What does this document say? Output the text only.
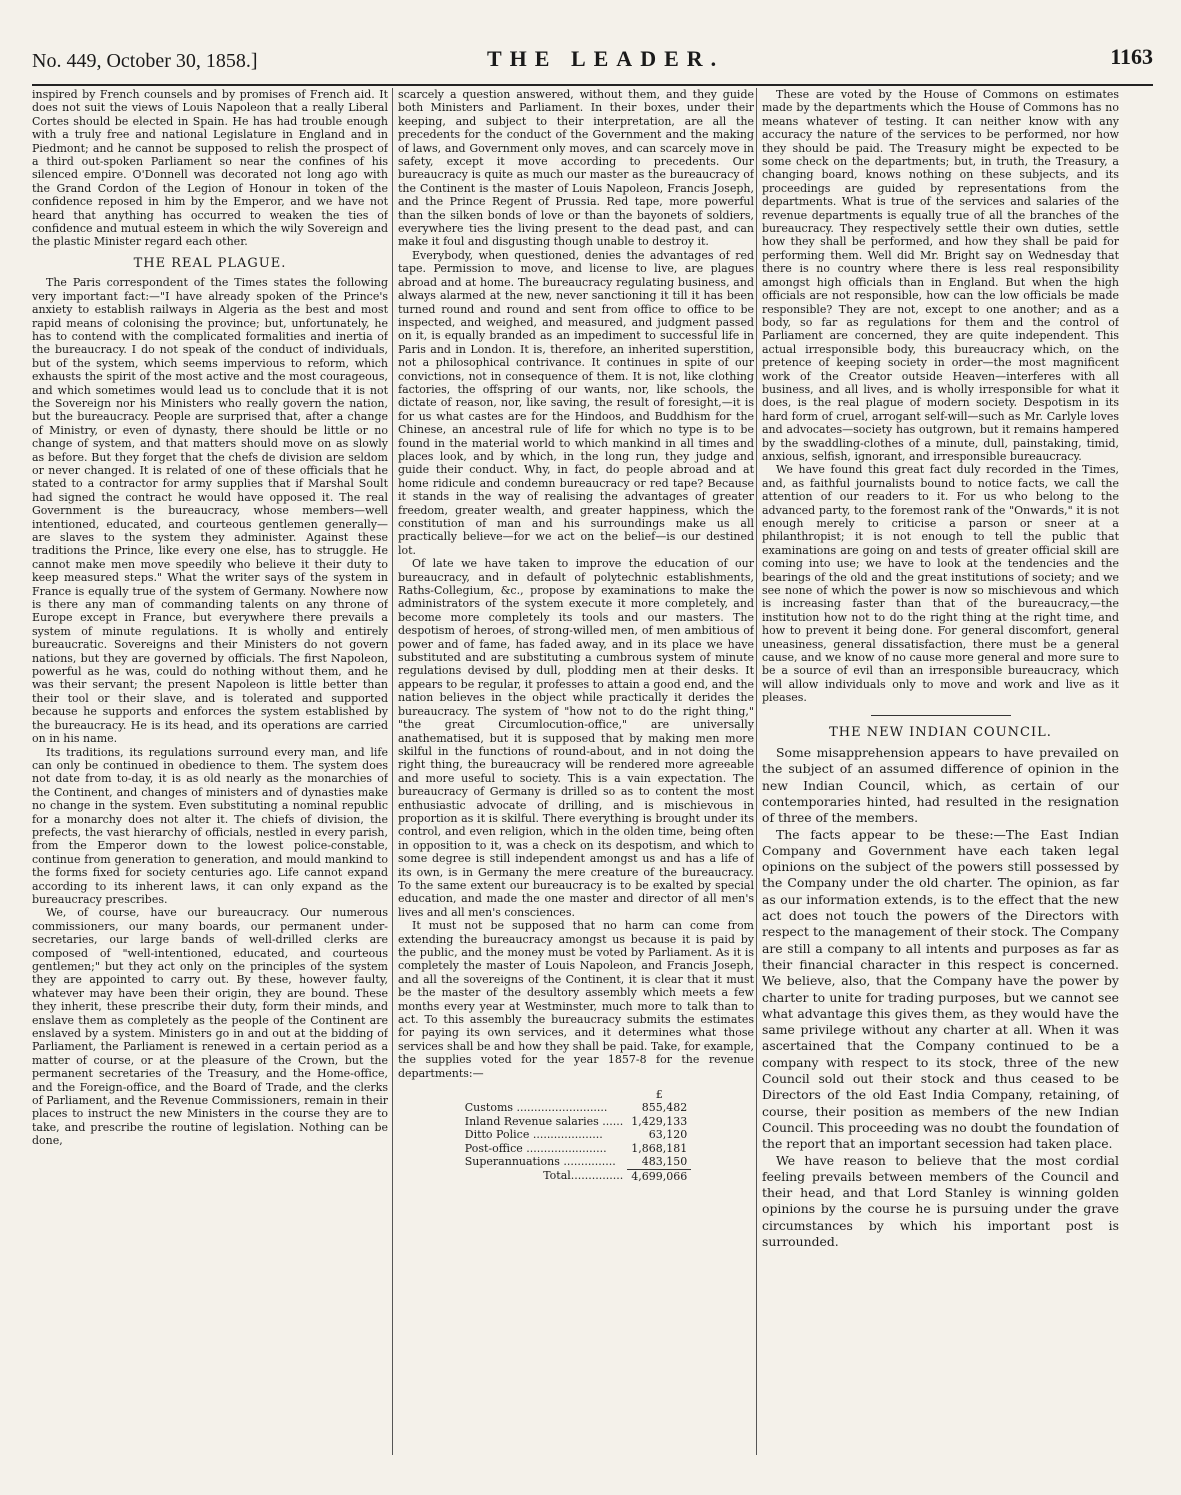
No. 449, October 30, 1858.]	THE LEADER.	1163

inspired by French counsels and by promises of French aid. It does not suit the views of Louis Napoleon that a really Liberal Cortes should be elected in Spain. He has had trouble enough with a truly free and national Legislature in England and in Piedmont; and he cannot be supposed to relish the prospect of a third out-spoken Parliament so near the confines of his silenced empire. O'Donnell was decorated not long ago with the Grand Cordon of the Legion of Honour in token of the confidence reposed in him by the Emperor, and we have not heard that anything has occurred to weaken the ties of confidence and mutual esteem in which the wily Sovereign and the plastic Minister regard each other.

THE REAL PLAGUE.

The Paris correspondent of the Times states the following very important fact:—"I have already spoken of the Prince's anxiety to establish railways in Algeria as the best and most rapid means of colonising the province; but, unfortunately, he has to contend with the complicated formalities and inertia of the bureaucracy. I do not speak of the conduct of individuals, but of the system, which seems impervious to reform, which exhausts the spirit of the most active and the most courageous, and which sometimes would lead us to conclude that it is not the Sovereign nor his Ministers who really govern the nation, but the bureaucracy. People are surprised that, after a change of Ministry, or even of dynasty, there should be little or no change of system, and that matters should move on as slowly as before. But they forget that the chefs de division are seldom or never changed. It is related of one of these officials that he stated to a contractor for army supplies that if Marshal Soult had signed the contract he would have opposed it. The real Government is the bureaucracy, whose members—well intentioned, educated, and courteous gentlemen generally—are slaves to the system they administer. Against these traditions the Prince, like every one else, has to struggle. He cannot make men move speedily who believe it their duty to keep measured steps." What the writer says of the system in France is equally true of the system of Germany. Nowhere now is there any man of commanding talents on any throne of Europe except in France, but everywhere there prevails a system of minute regulations. It is wholly and entirely bureaucratic. Sovereigns and their Ministers do not govern nations, but they are governed by officials. The first Napoleon, powerful as he was, could do nothing without them, and he was their servant; the present Napoleon is little better than their tool or their slave, and is tolerated and supported because he supports and enforces the system established by the bureaucracy. He is its head, and its operations are carried on in his name.

Its traditions, its regulations surround every man, and life can only be continued in obedience to them. The system does not date from to-day, it is as old nearly as the monarchies of the Continent, and changes of ministers and of dynasties make no change in the system. Even substituting a nominal republic for a monarchy does not alter it. The chiefs of division, the prefects, the vast hierarchy of officials, nestled in every parish, from the Emperor down to the lowest police-constable, continue from generation to generation, and mould mankind to the forms fixed for society centuries ago. Life cannot expand according to its inherent laws, it can only expand as the bureaucracy prescribes.

We, of course, have our bureaucracy. Our numerous commissioners, our many boards, our permanent under-secretaries, our large bands of well-drilled clerks are composed of "well-intentioned, educated, and courteous gentlemen;" but they act only on the principles of the system they are appointed to carry out. By these, however faulty, whatever may have been their origin, they are bound. These they inherit, these prescribe their duty, form their minds, and enslave them as completely as the people of the Continent are enslaved by a system. Ministers go in and out at the bidding of Parliament, the Parliament is renewed in a certain period as a matter of course, or at the pleasure of the Crown, but the permanent secretaries of the Treasury, and the Home-office, and the Foreign-office, and the Board of Trade, and the clerks of Parliament, and the Revenue Commissioners, remain in their places to instruct the new Ministers in the course they are to take, and prescribe the routine of legislation. Nothing can be done,

scarcely a question answered, without them, and they guide both Ministers and Parliament. In their boxes, under their keeping, and subject to their interpretation, are all the precedents for the conduct of the Government and the making of laws, and Government only moves, and can scarcely move in safety, except it move according to precedents. Our bureaucracy is quite as much our master as the bureaucracy of the Continent is the master of Louis Napoleon, Francis Joseph, and the Prince Regent of Prussia. Red tape, more powerful than the silken bonds of love or than the bayonets of soldiers, everywhere ties the living present to the dead past, and can make it foul and disgusting though unable to destroy it.

Everybody, when questioned, denies the advantages of red tape. Permission to move, and license to live, are plagues abroad and at home. The bureaucracy regulating business, and always alarmed at the new, never sanctioning it till it has been turned round and round and sent from office to office to be inspected, and weighed, and measured, and judgment passed on it, is equally branded as an impediment to successful life in Paris and in London. It is, therefore, an inherited superstition, not a philosophical contrivance. It continues in spite of our convictions, not in consequence of them. It is not, like clothing factories, the offspring of our wants, nor, like schools, the dictate of reason, nor, like saving, the result of foresight,—it is for us what castes are for the Hindoos, and Buddhism for the Chinese, an ancestral rule of life for which no type is to be found in the material world to which mankind in all times and places look, and by which, in the long run, they judge and guide their conduct. Why, in fact, do people abroad and at home ridicule and condemn bureaucracy or red tape? Because it stands in the way of realising the advantages of greater freedom, greater wealth, and greater happiness, which the constitution of man and his surroundings make us all practically believe—for we act on the belief—is our destined lot.

Of late we have taken to improve the education of our bureaucracy, and in default of polytechnic establishments, Raths-Collegium, &c., propose by examinations to make the administrators of the system execute it more completely, and become more completely its tools and our masters. The despotism of heroes, of strong-willed men, of men ambitious of power and of fame, has faded away, and in its place we have substituted and are substituting a cumbrous system of minute regulations devised by dull, plodding men at their desks. It appears to be regular, it professes to attain a good end, and the nation believes in the object while practically it derides the bureaucracy. The system of "how not to do the right thing," "the great Circumlocution-office," are universally anathematised, but it is supposed that by making men more skilful in the functions of round-about, and in not doing the right thing, the bureaucracy will be rendered more agreeable and more useful to society. This is a vain expectation. The bureaucracy of Germany is drilled so as to content the most enthusiastic advocate of drilling, and is mischievous in proportion as it is skilful. There everything is brought under its control, and even religion, which in the olden time, being often in opposition to it, was a check on its despotism, and which to some degree is still independent amongst us and has a life of its own, is in Germany the mere creature of the bureaucracy. To the same extent our bureaucracy is to be exalted by special education, and made the one master and director of all men's lives and all men's consciences.

It must not be supposed that no harm can come from extending the bureaucracy amongst us because it is paid by the public, and the money must be voted by Parliament. As it is completely the master of Louis Napoleon, and Francis Joseph, and all the sovereigns of the Continent, it is clear that it must be the master of the desultory assembly which meets a few months every year at Westminster, much more to talk than to act. To this assembly the bureaucracy submits the estimates for paying its own services, and it determines what those services shall be and how they shall be paid. Take, for example, the supplies voted for the year 1857-8 for the revenue departments:—

	£
Customs ..........................	855,482
Inland Revenue salaries ......	1,429,133
Ditto Police ....................	63,120
Post-office .......................	1,868,181
Superannuations ...............	483,150
Total...............	4,699,066

These are voted by the House of Commons on estimates made by the departments which the House of Commons has no means whatever of testing. It can neither know with any accuracy the nature of the services to be performed, nor how they should be paid. The Treasury might be expected to be some check on the departments; but, in truth, the Treasury, a changing board, knows nothing on these subjects, and its proceedings are guided by representations from the departments. What is true of the services and salaries of the revenue departments is equally true of all the branches of the bureaucracy. They respectively settle their own duties, settle how they shall be performed, and how they shall be paid for performing them. Well did Mr. Bright say on Wednesday that there is no country where there is less real responsibility amongst high officials than in England. But when the high officials are not responsible, how can the low officials be made responsible? They are not, except to one another; and as a body, so far as regulations for them and the control of Parliament are concerned, they are quite independent. This actual irresponsible body, this bureaucracy which, on the pretence of keeping society in order—the most magnificent work of the Creator outside Heaven—interferes with all business, and all lives, and is wholly irresponsible for what it does, is the real plague of modern society. Despotism in its hard form of cruel, arrogant self-will—such as Mr. Carlyle loves and advocates—society has outgrown, but it remains hampered by the swaddling-clothes of a minute, dull, painstaking, timid, anxious, selfish, ignorant, and irresponsible bureaucracy.

We have found this great fact duly recorded in the Times, and, as faithful journalists bound to notice facts, we call the attention of our readers to it. For us who belong to the advanced party, to the foremost rank of the "Onwards," it is not enough merely to criticise a parson or sneer at a philanthropist; it is not enough to tell the public that examinations are going on and tests of greater official skill are coming into use; we have to look at the tendencies and the bearings of the old and the great institutions of society; and we see none of which the power is now so mischievous and which is increasing faster than that of the bureaucracy,—the institution how not to do the right thing at the right time, and how to prevent it being done. For general discomfort, general uneasiness, general dissatisfaction, there must be a general cause, and we know of no cause more general and more sure to be a source of evil than an irresponsible bureaucracy, which will allow individuals only to move and work and live as it pleases.

THE NEW INDIAN COUNCIL.

Some misapprehension appears to have prevailed on the subject of an assumed difference of opinion in the new Indian Council, which, as certain of our contemporaries hinted, had resulted in the resignation of three of the members.

The facts appear to be these:—The East Indian Company and Government have each taken legal opinions on the subject of the powers still possessed by the Company under the old charter. The opinion, as far as our information extends, is to the effect that the new act does not touch the powers of the Directors with respect to the management of their stock. The Company are still a company to all intents and purposes as far as their financial character in this respect is concerned. We believe, also, that the Company have the power by charter to unite for trading purposes, but we cannot see what advantage this gives them, as they would have the same privilege without any charter at all. When it was ascertained that the Company continued to be a company with respect to its stock, three of the new Council sold out their stock and thus ceased to be Directors of the old East India Company, retaining, of course, their position as members of the new Indian Council. This proceeding was no doubt the foundation of the report that an important secession had taken place.

We have reason to believe that the most cordial feeling prevails between members of the Council and their head, and that Lord Stanley is winning golden opinions by the course he is pursuing under the grave circumstances by which his important post is surrounded.
